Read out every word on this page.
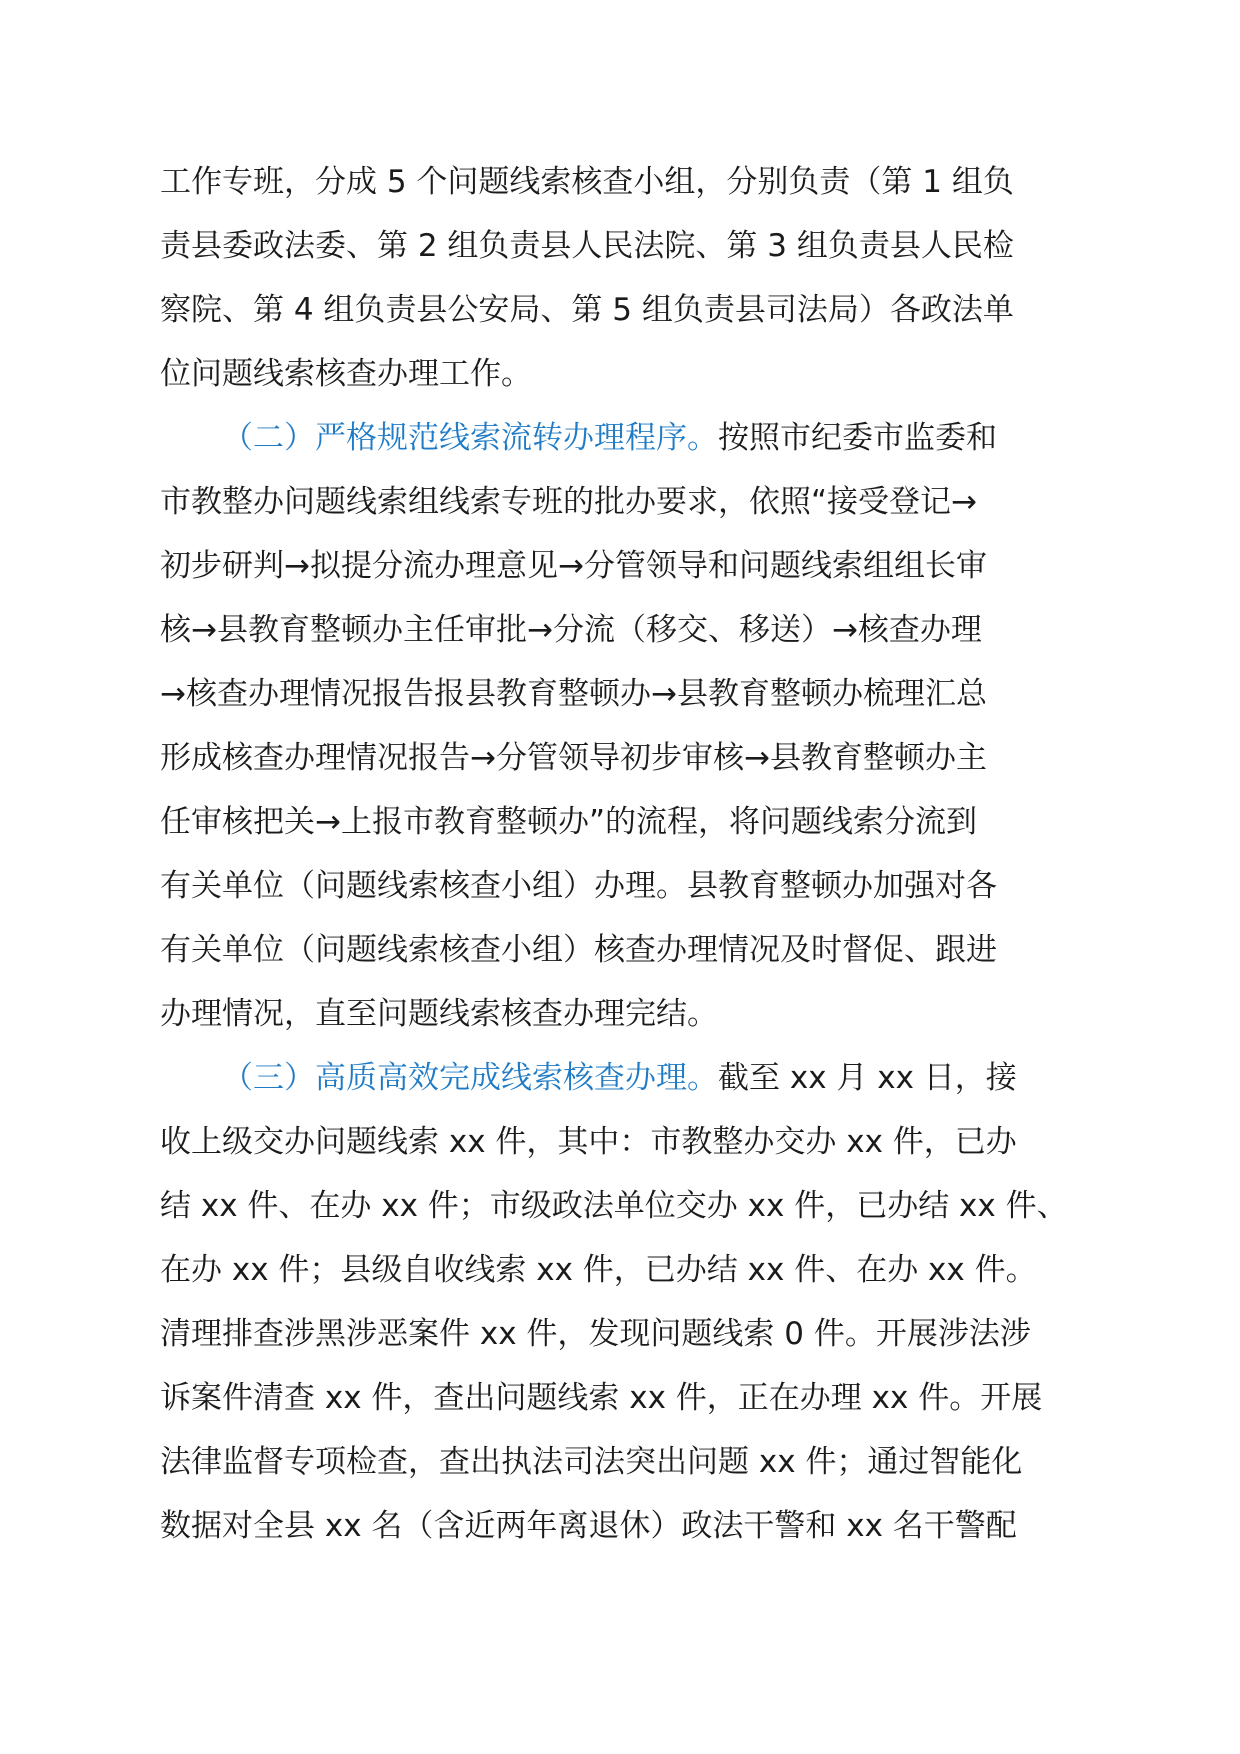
工作专班，分成 5 个问题线索核查小组，分别负责（第 1 组负
责县委政法委、第 2 组负责县人民法院、第 3 组负责县人民检
察院、第 4 组负责县公安局、第 5 组负责县司法局）各政法单
位问题线索核查办理工作。
（二）严格规范线索流转办理程序。按照市纪委市监委和
市教整办问题线索组线索专班的批办要求，依照“接受登记→
初步研判→拟提分流办理意见→分管领导和问题线索组组长审
核→县教育整顿办主任审批→分流（移交、移送）→核查办理
→核查办理情况报告报县教育整顿办→县教育整顿办梳理汇总
形成核查办理情况报告→分管领导初步审核→县教育整顿办主
任审核把关→上报市教育整顿办”的流程，将问题线索分流到
有关单位（问题线索核查小组）办理。县教育整顿办加强对各
有关单位（问题线索核查小组）核查办理情况及时督促、跟进
办理情况，直至问题线索核查办理完结。
（三）高质高效完成线索核查办理。截至 xx 月 xx 日，接
收上级交办问题线索 xx 件，其中：市教整办交办 xx 件，已办
结 xx 件、在办 xx 件；市级政法单位交办 xx 件，已办结 xx 件、
在办 xx 件；县级自收线索 xx 件，已办结 xx 件、在办 xx 件。
清理排查涉黑涉恶案件 xx 件，发现问题线索 0 件。开展涉法涉
诉案件清查 xx 件，查出问题线索 xx 件，正在办理 xx 件。开展
法律监督专项检查，查出执法司法突出问题 xx 件；通过智能化
数据对全县 xx 名（含近两年离退休）政法干警和 xx 名干警配
